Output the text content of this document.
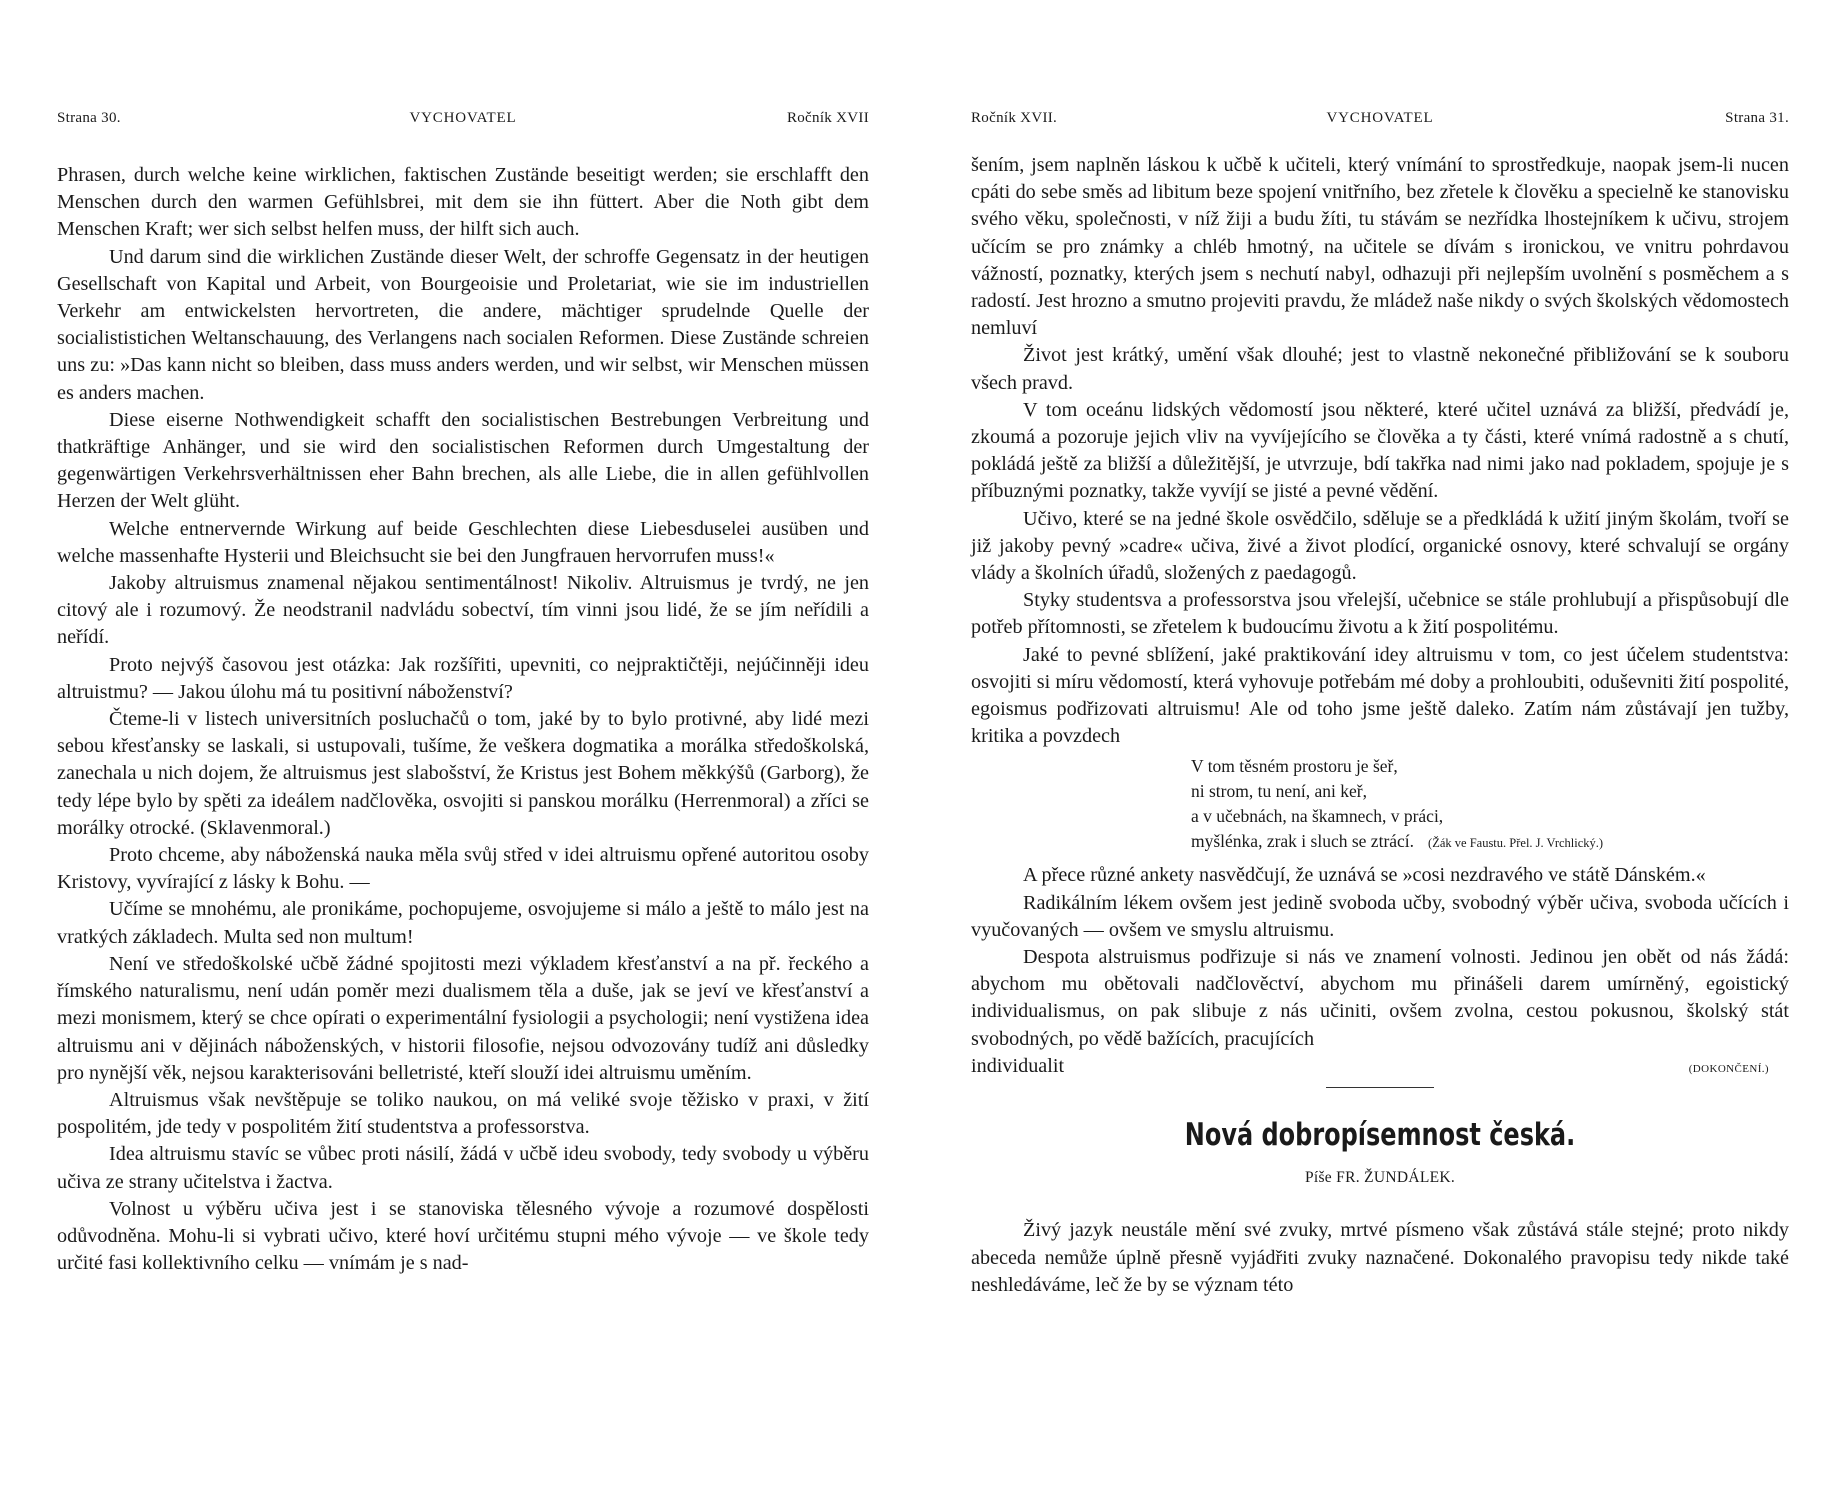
Strana 30.	VYCHOVATEL	Ročník XVII

Phrasen, durch welche keine wirklichen, faktischen Zustände beseitigt werden; sie erschlafft den Menschen durch den warmen Gefühlsbrei, mit dem sie ihn füttert. Aber die Noth gibt dem Menschen Kraft; wer sich selbst helfen muss, der hilft sich auch.

Und darum sind die wirklichen Zustände dieser Welt, der schroffe Gegensatz in der heutigen Gesellschaft von Kapital und Arbeit, von Bourgeoisie und Proletariat, wie sie im industriellen Verkehr am entwickelsten hervortreten, die andere, mächtiger sprudelnde Quelle der socialististichen Weltanschauung, des Verlangens nach socialen Reformen. Diese Zustände schreien uns zu: »Das kann nicht so bleiben, dass muss anders werden, und wir selbst, wir Menschen müssen es anders machen.

Diese eiserne Nothwendigkeit schafft den socialistischen Bestrebungen Verbreitung und thatkräftige Anhänger, und sie wird den socialistischen Reformen durch Umgestaltung der gegenwärtigen Verkehrsverhältnissen eher Bahn brechen, als alle Liebe, die in allen gefühlvollen Herzen der Welt glüht.

Welche entnervernde Wirkung auf beide Geschlechten diese Liebesduselei ausüben und welche massenhafte Hysterii und Bleichsucht sie bei den Jungfrauen hervorrufen muss!«

Jakoby altruismus znamenal nějakou sentimentálnost! Nikoliv. Altruismus je tvrdý, ne jen citový ale i rozumový. Že neodstranil nadvládu sobectví, tím vinni jsou lidé, že se jím neřídili a neřídí.

Proto nejvýš časovou jest otázka: Jak rozšířiti, upevniti, co nejpraktičtěji, nejúčinněji ideu altruistmu? — Jakou úlohu má tu positivní náboženství?

Čteme-li v listech universitních posluchačů o tom, jaké by to bylo protivné, aby lidé mezi sebou křesťansky se laskali, si ustupovali, tušíme, že veškera dogmatika a morálka středoškolská, zanechala u nich dojem, že altruismus jest slabošství, že Kristus jest Bohem měkkýšů (Garborg), že tedy lépe bylo by spěti za ideálem nadčlověka, osvojiti si panskou morálku (Herrenmoral) a zříci se morálky otrocké. (Sklavenmoral.)

Proto chceme, aby náboženská nauka měla svůj střed v idei altruismu opřené autoritou osoby Kristovy, vyvírající z lásky k Bohu. —

Učíme se mnohému, ale pronikáme, pochopujeme, osvojujeme si málo a ještě to málo jest na vratkých základech. Multa sed non multum!

Není ve středoškolské učbě žádné spojitosti mezi výkladem křesťanství a na př. řeckého a římského naturalismu, není udán poměr mezi dualismem těla a duše, jak se jeví ve křesťanství a mezi monismem, který se chce opírati o experimentální fysiologii a psychologii; není vystižena idea altruismu ani v dějinách náboženských, v historii filosofie, nejsou odvozovány tudíž ani důsledky pro nynější věk, nejsou karakterisováni belletristé, kteří slouží idei altruismu uměním.

Altruismus však nevštěpuje se toliko naukou, on má veliké svoje těžisko v praxi, v žití pospolitém, jde tedy v pospolitém žití studentstva a professorstva.

Idea altruismu stavíc se vůbec proti násilí, žádá v učbě ideu svobody, tedy svobody u výběru učiva ze strany učitelstva i žactva.

Volnost u výběru učiva jest i se stanoviska tělesného vývoje a rozumové dospělosti odůvodněna. Mohu-li si vybrati učivo, které hoví určitému stupni mého vývoje — ve škole tedy určité fasi kollektivního celku — vnímám je s nad-

Ročník XVII.	VYCHOVATEL	Strana 31.

šením, jsem naplněn láskou k učbě k učiteli, který vnímání to sprostředkuje, naopak jsem-li nucen cpáti do sebe směs ad libitum beze spojení vnitřního, bez zřetele k člověku a specielně ke stanovisku svého věku, společnosti, v níž žiji a budu žíti, tu stávám se nezřídka lhostejníkem k učivu, strojem učícím se pro známky a chléb hmotný, na učitele se dívám s ironickou, ve vnitru pohrdavou vážností, poznatky, kterých jsem s nechutí nabyl, odhazuji při nejlepším uvolnění s posměchem a s radostí. Jest hrozno a smutno projeviti pravdu, že mládež naše nikdy o svých školských vědomostech nemluví

Život jest krátký, umění však dlouhé; jest to vlastně nekonečné přibližování se k souboru všech pravd.

V tom oceánu lidských vědomostí jsou některé, které učitel uznává za bližší, předvádí je, zkoumá a pozoruje jejich vliv na vyvíjejícího se člověka a ty části, které vnímá radostně a s chutí, pokládá ještě za bližší a důležitější, je utvrzuje, bdí takřka nad nimi jako nad pokladem, spojuje je s příbuznými poznatky, takže vyvíjí se jisté a pevné vědění.

Učivo, které se na jedné škole osvědčilo, sděluje se a předkládá k užití jiným školám, tvoří se již jakoby pevný »cadre« učiva, živé a život plodící, organické osnovy, které schvalují se orgány vlády a školních úřadů, složených z paedagogů.

Styky studentsva a professorstva jsou vřelejší, učebnice se stále prohlubují a přispůsobují dle potřeb přítomnosti, se zřetelem k budoucímu životu a k žití pospolitému.

Jaké to pevné sblížení, jaké praktikování idey altruismu v tom, co jest účelem studentstva: osvojiti si míru vědomostí, která vyhovuje potřebám mé doby a prohloubiti, oduševniti žití pospolité, egoismus podřizovati altruismu! Ale od toho jsme ještě daleko. Zatím nám zůstávají jen tužby, kritika a povzdech

V tom těsném prostoru je šeř,
ni strom, tu není, ani keř,
a v učebnách, na škamnech, v práci,
myšlénka, zrak i sluch se ztrácí. (Žák ve Faustu. Přel. J. Vrchlický.)

A přece různé ankety nasvědčují, že uznává se »cosi nezdravého ve státě Dánském.«

Radikálním lékem ovšem jest jedině svoboda učby, svobodný výběr učiva, svoboda učících i vyučovaných — ovšem ve smyslu altruismu.

Despota alstruismus podřizuje si nás ve znamení volnosti. Jedinou jen obět od nás žádá: abychom mu obětovali nadčlověctví, abychom mu přinášeli darem umírněný, egoistický individualismus, on pak slibuje z nás učiniti, ovšem zvolna, cestou pokusnou, školský stát svobodných, po vědě bažících, pracujících

individualit	(DOKONČENÍ.)
Nová dobropísemnost česká.
Píše FR. ŽUNDÁLEK.

Živý jazyk neustále mění své zvuky, mrtvé písmeno však zůstává stále stejné; proto nikdy abeceda nemůže úplně přesně vyjádřiti zvuky naznačené. Dokonalého pravopisu tedy nikde také neshledáváme, leč že by se význam této
